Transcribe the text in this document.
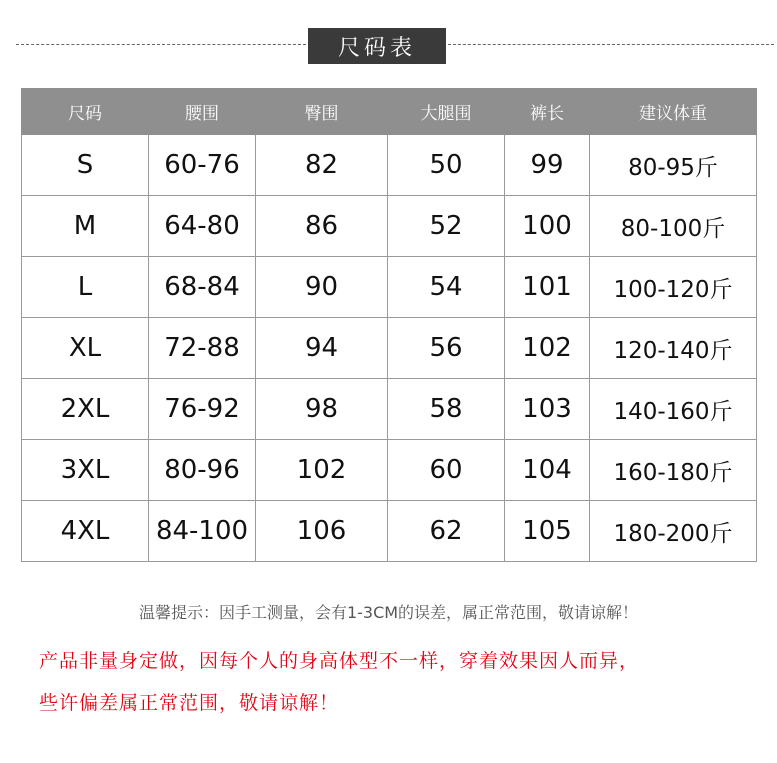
尺码表
尺码	腰围	臀围	大腿围	裤长	建议体重
S	60-76	82	50	99	80-95斤
M	64-80	86	52	100	80-100斤
L	68-84	90	54	101	100-120斤
XL	72-88	94	56	102	120-140斤
2XL	76-92	98	58	103	140-160斤
3XL	80-96	102	60	104	160-180斤
4XL	84-100	106	62	105	180-200斤
温馨提示：因手工测量，会有1-3CM的误差，属正常范围，敬请谅解！
产品非量身定做，因每个人的身高体型不一样，穿着效果因人而异，
些许偏差属正常范围，敬请谅解！
